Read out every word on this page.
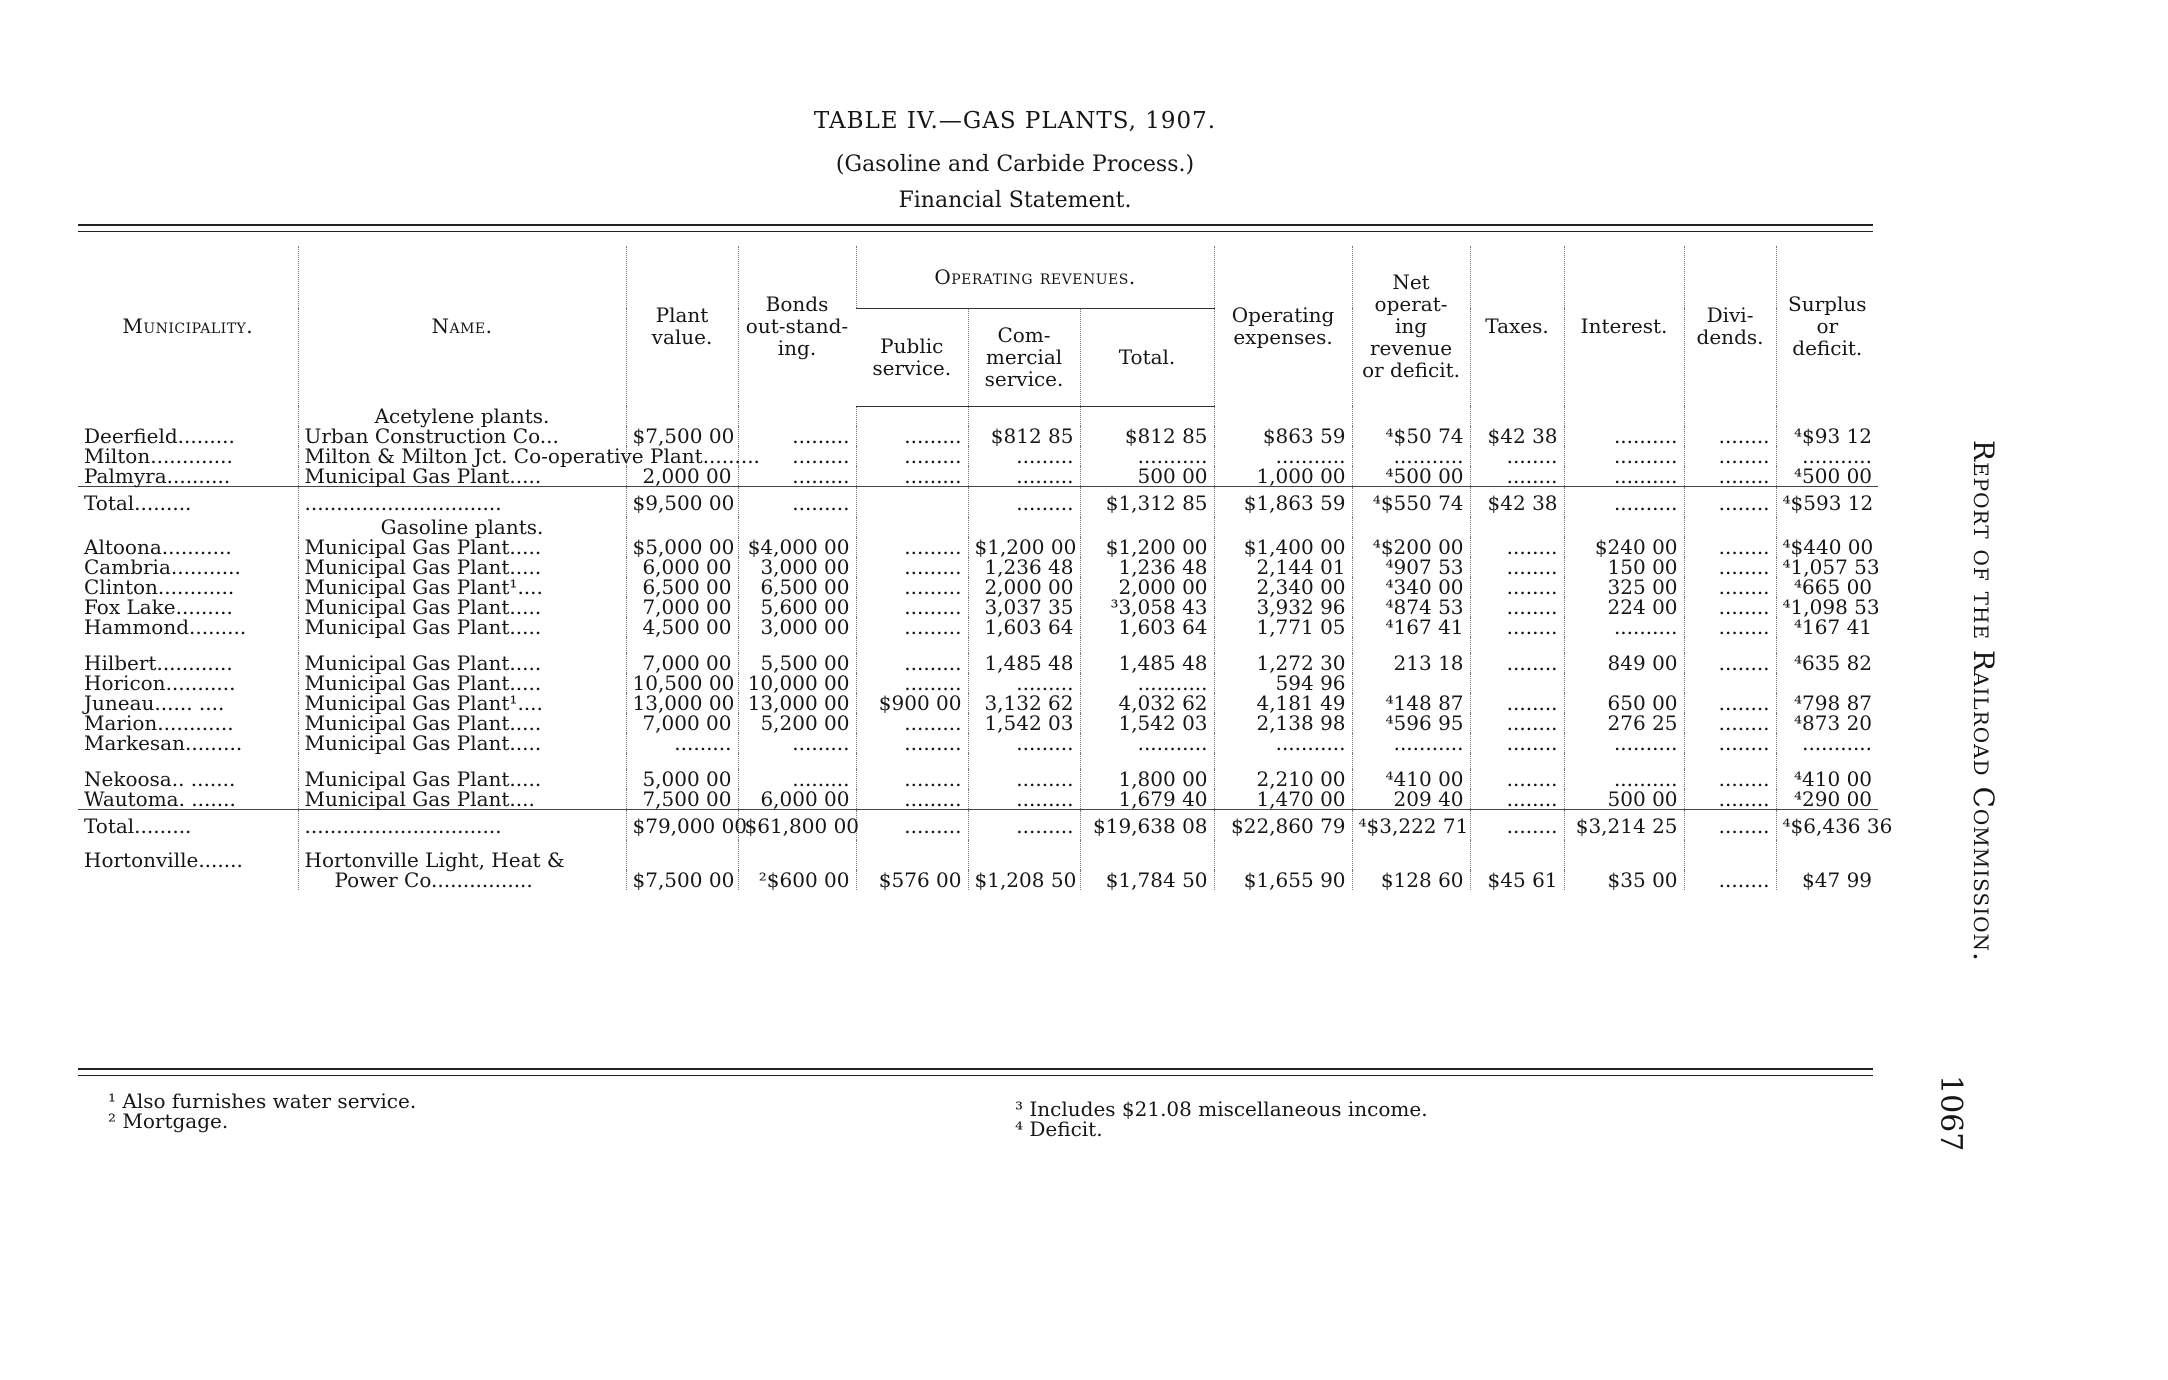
TABLE IV.—GAS PLANTS, 1907.
(Gasoline and Carbide Process.)
Financial Statement.
Municipality.	Name.	Plant value.	Bonds out-stand-ing.	Operating revenues.			Operating expenses.	Net operat-ing revenue or deficit.	Taxes.	Interest.	Divi-dends.	Surplus or deficit.
				Public service.	Com-mercial service.	Total.						
	Acetylene plants.											
Deerfield.........	Urban Construction Co...	$7,500 00	.........	.........	$812 85	$812 85	$863 59	⁴$50 74	$42 38	..........	........	⁴$93 12
Milton.............	Milton & Milton Jct. Co-operative Plant.........		.........	.........	.........	...........	...........	...........	........	..........	........	...........
Palmyra..........	Municipal Gas Plant.....	2,000 00	.........	.........	.........	500 00	1,000 00	⁴500 00	........	..........	........	⁴500 00
Total.........	...............................	$9,500 00	.........		.........	$1,312 85	$1,863 59	⁴$550 74	$42 38	..........	........	⁴$593 12
	Gasoline plants.											
Altoona...........	Municipal Gas Plant.....	$5,000 00	$4,000 00	.........	$1,200 00	$1,200 00	$1,400 00	⁴$200 00	........	$240 00	........	⁴$440 00
Cambria...........	Municipal Gas Plant.....	6,000 00	3,000 00	.........	1,236 48	1,236 48	2,144 01	⁴907 53	........	150 00	........	⁴1,057 53
Clinton............	Municipal Gas Plant¹....	6,500 00	6,500 00	.........	2,000 00	2,000 00	2,340 00	⁴340 00	........	325 00	........	⁴665 00
Fox Lake.........	Municipal Gas Plant.....	7,000 00	5,600 00	.........	3,037 35	³3,058 43	3,932 96	⁴874 53	........	224 00	........	⁴1,098 53
Hammond.........	Municipal Gas Plant.....	4,500 00	3,000 00	.........	1,603 64	1,603 64	1,771 05	⁴167 41	........	..........	........	⁴167 41

Hilbert............	Municipal Gas Plant.....	7,000 00	5,500 00	.........	1,485 48	1,485 48	1,272 30	213 18	........	849 00	........	⁴635 82
Horicon...........	Municipal Gas Plant.....	10,500 00	10,000 00	.........	.........	...........	594 96					
Juneau...... ....	Municipal Gas Plant¹....	13,000 00	13,000 00	$900 00	3,132 62	4,032 62	4,181 49	⁴148 87	........	650 00	........	⁴798 87
Marion............	Municipal Gas Plant.....	7,000 00	5,200 00	.........	1,542 03	1,542 03	2,138 98	⁴596 95	........	276 25	........	⁴873 20
Markesan.........	Municipal Gas Plant.....	.........	.........	.........	.........	...........	...........	...........	........	..........	........	...........

Nekoosa.. .......	Municipal Gas Plant.....	5,000 00	.........	.........	.........	1,800 00	2,210 00	⁴410 00	........	..........	........	⁴410 00
Wautoma. .......	Municipal Gas Plant....	7,500 00	6,000 00	.........	.........	1,679 40	1,470 00	209 40	........	500 00	........	⁴290 00
Total.........	...............................	$79,000 00	$61,800 00	.........	.........	$19,638 08	$22,860 79	⁴$3,222 71	........	$3,214 25	........	⁴$6,436 36
Hortonville.......	Hortonville Light, Heat &											
	Power Co................	$7,500 00	²$600 00	$576 00	$1,208 50	$1,784 50	$1,655 90	$128 60	$45 61	$35 00	........	$47 99
¹ Also furnishes water service.
² Mortgage.	³ Includes $21.08 miscellaneous income.
⁴ Deficit.
Report of the Railroad Commission.
1067
